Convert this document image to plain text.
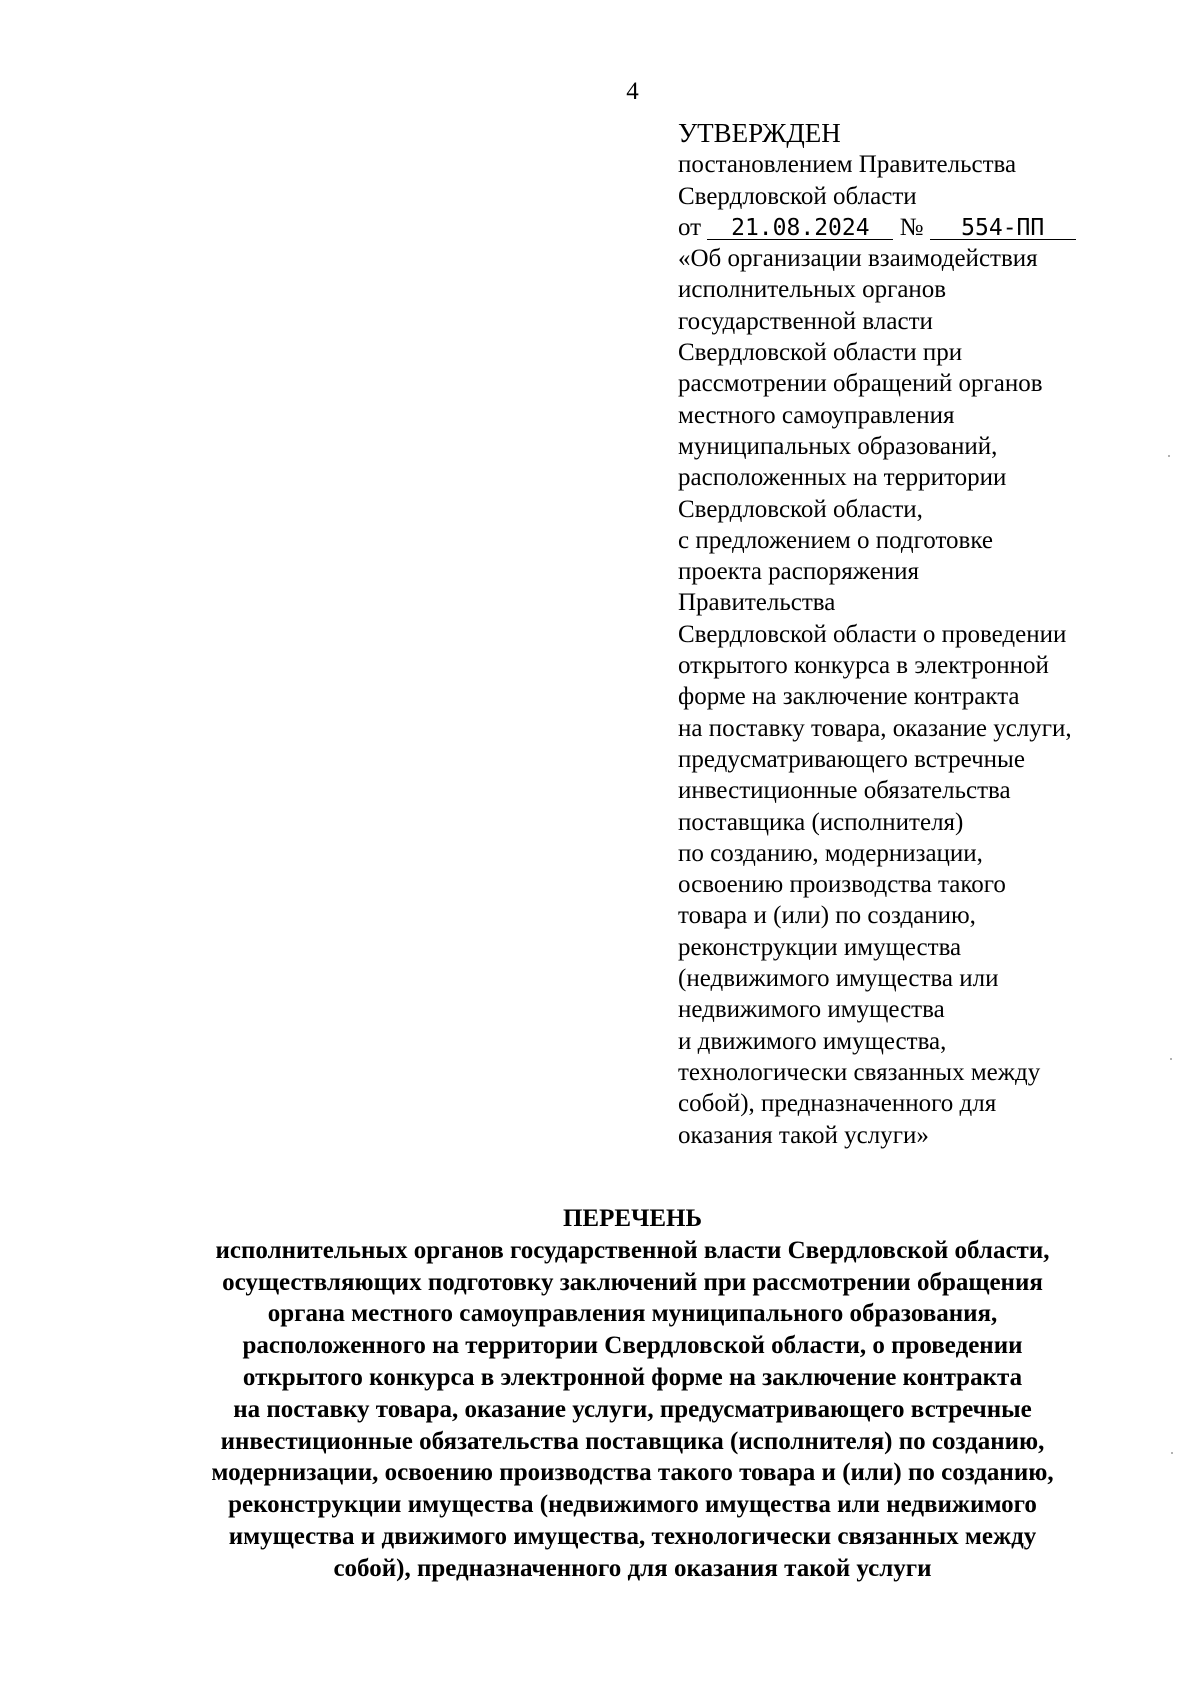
4
УТВЕРЖДЕН
постановлением Правительства
Свердловской области
от 21.08.2024 № 554-ПП
«Об организации взаимодействия
исполнительных органов
государственной власти
Свердловской области при
рассмотрении обращений органов
местного самоуправления
муниципальных образований,
расположенных на территории
Свердловской области,
с предложением о подготовке
проекта распоряжения
Правительства
Свердловской области о проведении
открытого конкурса в электронной
форме на заключение контракта
на поставку товара, оказание услуги,
предусматривающего встречные
инвестиционные обязательства
поставщика (исполнителя)
по созданию, модернизации,
освоению производства такого
товара и (или) по созданию,
реконструкции имущества
(недвижимого имущества или
недвижимого имущества
и движимого имущества,
технологически связанных между
собой), предназначенного для
оказания такой услуги»
ПЕРЕЧЕНЬ
исполнительных органов государственной власти Свердловской области,
осуществляющих подготовку заключений при рассмотрении обращения
органа местного самоуправления муниципального образования,
расположенного на территории Свердловской области, о проведении
открытого конкурса в электронной форме на заключение контракта
на поставку товара, оказание услуги, предусматривающего встречные
инвестиционные обязательства поставщика (исполнителя) по созданию,
модернизации, освоению производства такого товара и (или) по созданию,
реконструкции имущества (недвижимого имущества или недвижимого
имущества и движимого имущества, технологически связанных между
собой), предназначенного для оказания такой услуги
